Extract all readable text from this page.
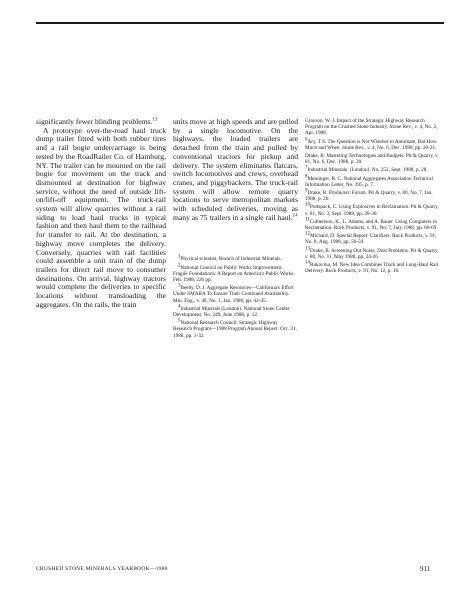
significantly fewer blinding problems.$^{13}$

A prototype over-the-road haul truck dump trailer fitted with both rubber tires and a rail bogie undercarriage is being tested by the RoadRailer Co. of Hamburg, NY. The trailer can be mounted on the rail bogie for movement on the track and dismounted at destination for highway service, without the need of outside lift-on/lift-off equipment. The truck-rail system will allow quarries without a rail siding to load haul trucks in typical fashion and then haul them to the railhead for transfer to rail. At the destination, a highway move completes the delivery. Conversely, quarries with rail facilities could assemble a unit train of the dump trailers for direct rail move to consumer destinations. On arrival, highway tractors would complete the deliveries to specific locations without transloading the aggregates. On the rails, the train

units move at high speeds and are pulled by a single locomotive. On the highways, the loaded trailers are detached from the train and pulled by conventional tractors for pickup and delivery. The system eliminates flatcars, switch locomotives and crews, overhead cranes, and piggybackers. The truck-rail system will allow remote quarry locations to serve metropolitan markets with scheduled deliveries, moving as many as 75 trailers in a single rail haul.$^{14}$

1Physical scientist, Branch of Industrial Minerals.

2National Council on Public Works Improvement. Fragile Foundations: A Report on America's Public Works. Feb. 1988, 226 pp.

3Beeby, D. J. Aggregate Resources—California's Effort Under SMARA To Ensure Their Continued Availability. Min. Eng., v. 40, No. 1, Jan. 1988, pp. 42-45.

4Industrial Minerals (London). National Stone Center Development. No. 249, June 1988, p. 12.

5National Research Council. Strategic Highway Research Program—1988 Program Annual Report. Oct. 31, 1988, pp. 1-32.

Grayson, W. J. Impact of the Strategic Highway Research Program on the Crushed Stone Industry. Stone Rev., v. 4, No. 2, Apr. 1988.

6Ary, T S. The Question is Not Whether to Automate, But How Much and When. Stone Rev., v. 4, No. 6, Dec. 1988, pp. 20-21.

Drake, B. Mastering Technologies and Budgets. Pit & Quarry, v. 81, No. 6, Dec. 1988, p. 20.

7Industrial Minerals. (London). No. 252, Sept. 1988, p. 28.

8Meininger, R. C. National Aggregates Association Technical Information Letter, No. 395, p. 7.

9Drake, B. Producers' Forum. Pit & Quarry, v. 80, No. 7, Jan. 1988, p. 26.

10Pottspack, C. Using Explosives in Reclamation. Pit & Quarry, v. 81, No. 3, Sept. 1988, pp. 28-30.

11Culbertson, K., L. Adams, and A. Bauer. Using Computers in Reclamation. Rock Products, v. 91, No. 7, July 1988, pp. 66-69.

12Michard, D. Special Report: Clarifiers. Rock Products, v. 91, No. 8, Aug. 1988, pp. 56-59.

13Drake, B. Screening Out Noise, Dust Problems. Pit & Quarry, v. 80, No. 11, May 1988, pp. 24-26.

14Rukavina, M. New Idea Combines Truck and Long-Haul Rail Delivery. Rock Products, v. 91, No. 12, p. 16.

CRUSHED STONE MINERALS YEARBOOK—1988	911
